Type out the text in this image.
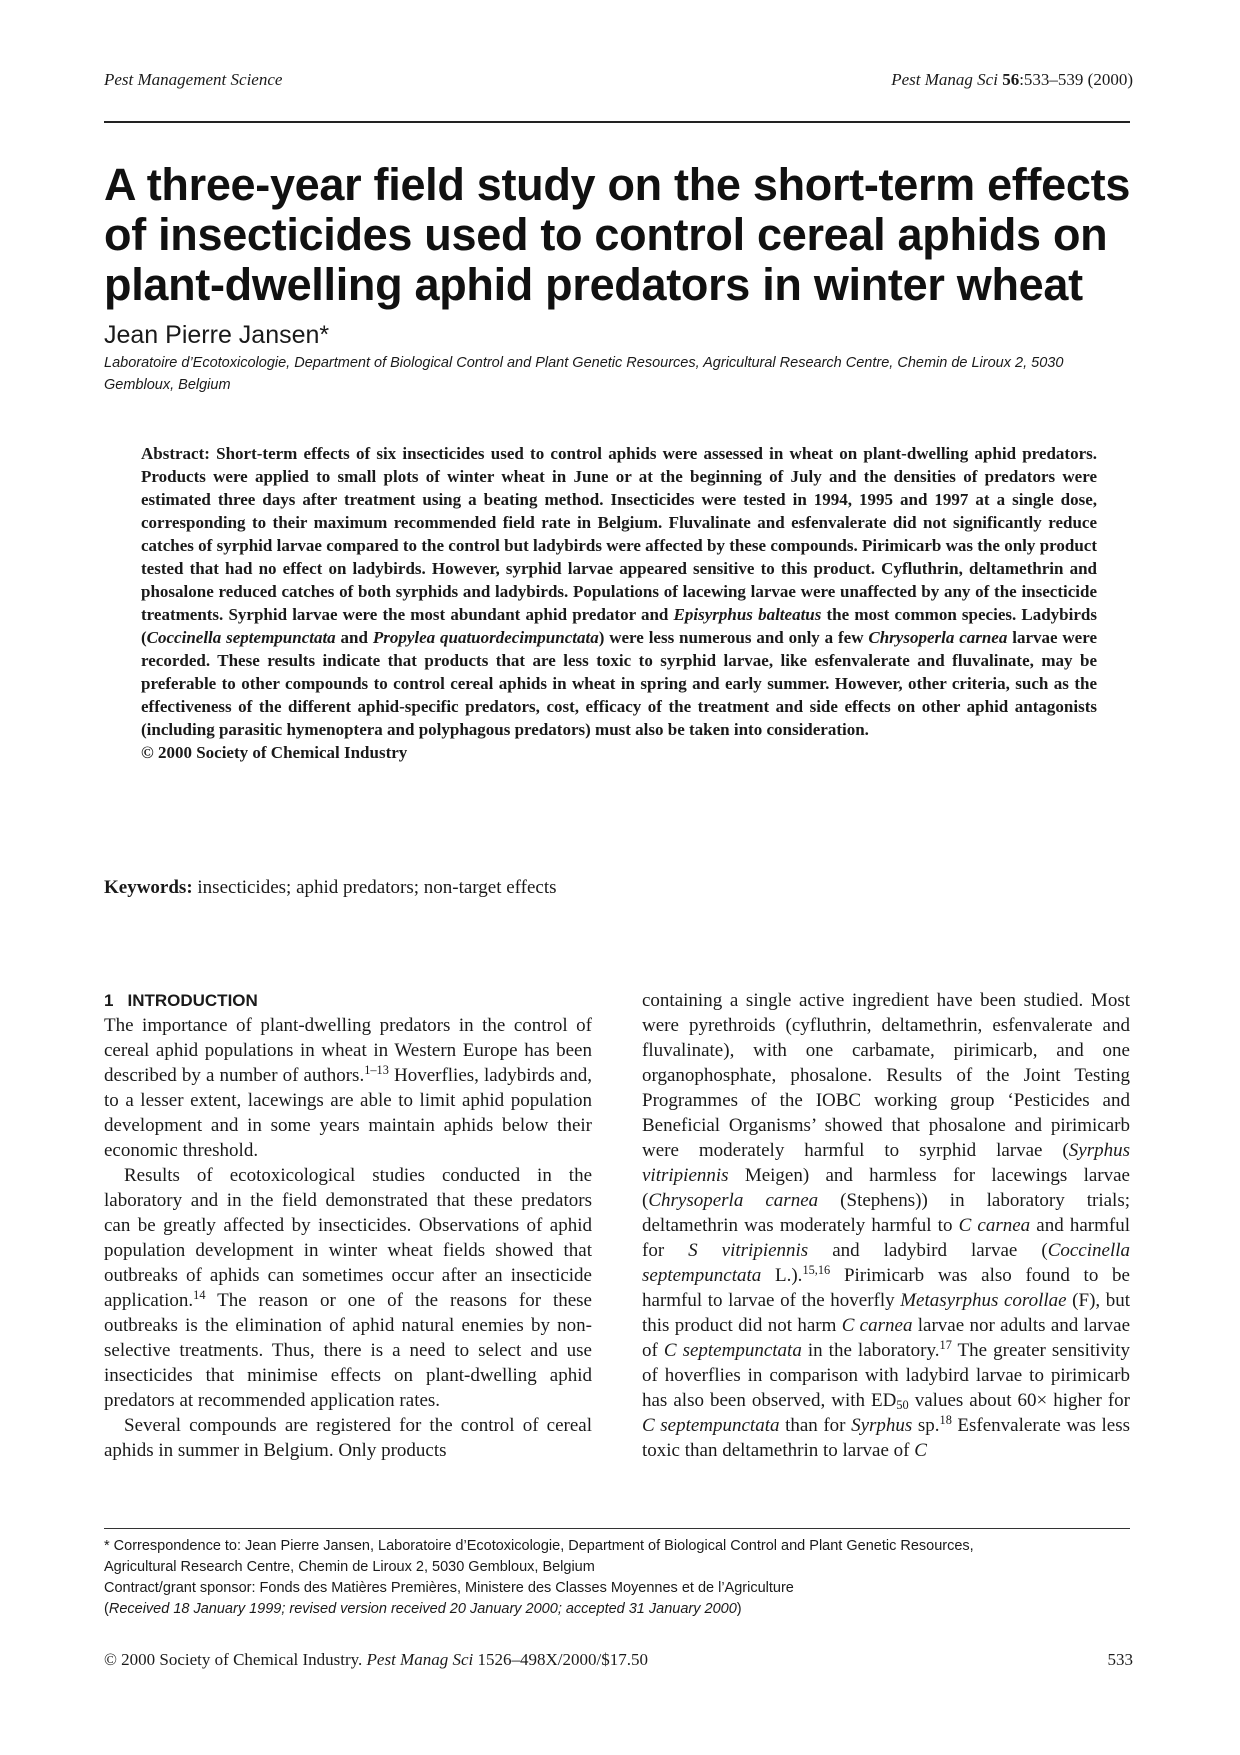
Pest Management Science	Pest Manag Sci 56:533–539 (2000)
A three-year field study on the short-term effects
of insecticides used to control cereal aphids on
plant-dwelling aphid predators in winter wheat
Jean Pierre Jansen*
Laboratoire d’Ecotoxicologie, Department of Biological Control and Plant Genetic Resources, Agricultural Research Centre, Chemin de Liroux 2, 5030 Gembloux, Belgium

Abstract: Short-term effects of six insecticides used to control aphids were assessed in wheat on plant-dwelling aphid predators. Products were applied to small plots of winter wheat in June or at the beginning of July and the densities of predators were estimated three days after treatment using a beating method. Insecticides were tested in 1994, 1995 and 1997 at a single dose, corresponding to their maximum recommended field rate in Belgium. Fluvalinate and esfenvalerate did not significantly reduce catches of syrphid larvae compared to the control but ladybirds were affected by these compounds. Pirimicarb was the only product tested that had no effect on ladybirds. However, syrphid larvae appeared sensitive to this product. Cyfluthrin, deltamethrin and phosalone reduced catches of both syrphids and ladybirds. Populations of lacewing larvae were unaffected by any of the insecticide treatments. Syrphid larvae were the most abundant aphid predator and Episyrphus balteatus the most common species. Ladybirds (Coccinella septempunctata and Propylea quatuordecimpunctata) were less numerous and only a few Chrysoperla carnea larvae were recorded. These results indicate that products that are less toxic to syrphid larvae, like esfenvalerate and fluvalinate, may be preferable to other compounds to control cereal aphids in wheat in spring and early summer. However, other criteria, such as the effectiveness of the different aphid-specific predators, cost, efficacy of the treatment and side effects on other aphid antagonists (including parasitic hymenoptera and polyphagous predators) must also be taken into consideration.

© 2000 Society of Chemical Industry

Keywords: insecticides; aphid predators; non-target effects
1 INTRODUCTION

The importance of plant-dwelling predators in the control of cereal aphid populations in wheat in Western Europe has been described by a number of authors.$^{1-13}$ Hoverflies, ladybirds and, to a lesser extent, lacewings are able to limit aphid population development and in some years maintain aphids below their economic threshold.

Results of ecotoxicological studies conducted in the laboratory and in the field demonstrated that these predators can be greatly affected by insecticides. Observations of aphid population development in winter wheat fields showed that outbreaks of aphids can sometimes occur after an insecticide application.$^{14}$ The reason or one of the reasons for these outbreaks is the elimination of aphid natural enemies by non-selective treatments. Thus, there is a need to select and use insecticides that minimise effects on plant-dwelling aphid predators at recommended application rates.

Several compounds are registered for the control of cereal aphids in summer in Belgium. Only products

containing a single active ingredient have been studied. Most were pyrethroids (cyfluthrin, deltamethrin, esfenvalerate and fluvalinate), with one carbamate, pirimicarb, and one organophosphate, phosalone. Results of the Joint Testing Programmes of the IOBC working group ‘Pesticides and Beneficial Organisms’ showed that phosalone and pirimicarb were moderately harmful to syrphid larvae (Syrphus vitripiennis Meigen) and harmless for lacewings larvae (Chrysoperla carnea (Stephens)) in laboratory trials; deltamethrin was moderately harmful to C carnea and harmful for S vitripiennis and ladybird larvae (Coccinella septempunctata L.).$^{15,16}$ Pirimicarb was also found to be harmful to larvae of the hoverfly Metasyrphus corollae (F), but this product did not harm C carnea larvae nor adults and larvae of C septempunctata in the laboratory.$^{17}$ The greater sensitivity of hoverflies in comparison with ladybird larvae to pirimicarb has also been observed, with $ED_{50}$ values about 60× higher for C septempunctata than for Syrphus sp.$^{18}$ Esfenvalerate was less toxic than deltamethrin to larvae of C

* Correspondence to: Jean Pierre Jansen, Laboratoire d’Ecotoxicologie, Department of Biological Control and Plant Genetic Resources,
Agricultural Research Centre, Chemin de Liroux 2, 5030 Gembloux, Belgium
Contract/grant sponsor: Fonds des Matières Premières, Ministere des Classes Moyennes et de l’Agriculture
(Received 18 January 1999; revised version received 20 January 2000; accepted 31 January 2000)
© 2000 Society of Chemical Industry. Pest Manag Sci 1526–498X/2000/$17.50	533
